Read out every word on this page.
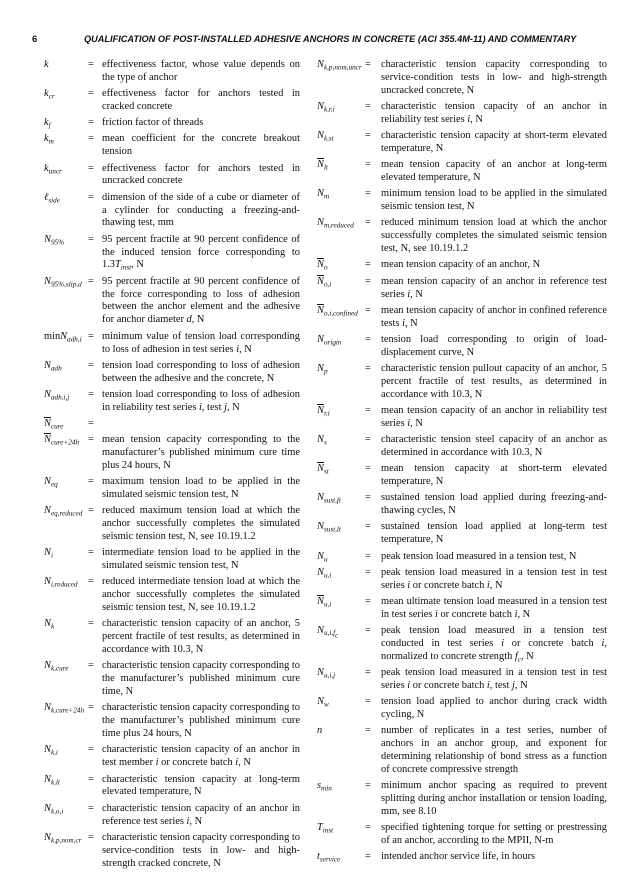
6	QUALIFICATION OF POST-INSTALLED ADHESIVE ANCHORS IN CONCRETE (ACI 355.4M-11) AND COMMENTARY
k	= effectiveness factor, whose value depends on the type of anchor
$k_{cr}$	= effectiveness factor for anchors tested in cracked concrete
$k_f$	= friction factor of threads
$k_m$	= mean coefficient for the concrete breakout tension
$k_{uncr}$	= effectiveness factor for anchors tested in uncracked concrete
ℓ$_{side}$	= dimension of the side of a cube or diameter of a cylinder for conducting a freezing-and-thawing test, mm
$N_{95\%} = 95$ percent fractile at 90 percent confidence of the induced tension force corresponding to $1.3T_{inst}$, N
$N_{95\%,slip,d} = 95$ percent fractile at 90 percent confidence of the force corresponding to loss of adhesion between the anchor element and the adhesive for anchor diameter d, N
minN$_{adh,i}$ = minimum value of tension load corresponding to loss of adhesion in test series i, N
$N_{adh}$	= tension load corresponding to loss of adhesion between the adhesive and the concrete, N
$N_{adh,i,j}$ = tension load corresponding to loss of adhesion in reliability test series i, test j, N
$\overline{N}_{cure}$ =

$\overline{N}_{cure+24h}$ = mean tension capacity corresponding to the manufacturer’s published minimum cure time plus 24 hours, N
$N_{eq}$	= maximum tension load to be applied in the simulated seismic tension test, N
$N_{eq,reduced}$ = reduced maximum tension load at which the anchor successfully completes the simulated seismic tension test, N, see 10.19.1.2
$N_i$	= intermediate tension load to be applied in the simulated seismic tension test, N
$N_{i,reduced}$ = reduced intermediate tension load at which the anchor successfully completes the simulated seismic tension test, N, see 10.19.1.2
$N_k$	= characteristic tension capacity of an anchor, 5 percent fractile of test results, as determined in accordance with 10.3, N
$N_{k,cure}$ = characteristic tension capacity corresponding to the manufacturer’s published minimum cure time, N
$N_{k,cure+24h}$ = characteristic tension capacity corresponding to the manufacturer’s published minimum cure time plus 24 hours, N
$N_{k,i}$	= characteristic tension capacity of an anchor in test member i or concrete batch i, N
$N_{k,lt}$	= characteristic tension capacity at long-term elevated temperature, N
$N_{k,o,i}$ = characteristic tension capacity of an anchor in reference test series i, N
$N_{k,p,nom,cr}$ = characteristic tension capacity corresponding to service-condition tests in low- and high-strength cracked concrete, N
$N_{k,p,nom,uncr}$ = characteristic tension capacity corresponding to service-condition tests in low- and high-strength uncracked concrete, N
$N_{k,r,i}$	= characteristic tension capacity of an anchor in reliability test series i, N
$N_{k,st}$	= characteristic tension capacity at short-term elevated temperature, N
$\overline{N}_{lt}$	= mean tension capacity of an anchor at long-term elevated temperature, N
$N_m$	= minimum tension load to be applied in the simulated seismic tension test, N
$N_{m,reduced}$ = reduced minimum tension load at which the anchor successfully completes the simulated seismic tension test, N, see 10.19.1.2
$\overline{N}_o$	= mean tension capacity of an anchor, N
$\overline{N}_{o,i}$	= mean tension capacity of an anchor in reference test series i, N
$\overline{N}_{o,i,confined}$ = mean tension capacity of anchor in confined reference tests i, N
$N_{origin}$ = tension load corresponding to origin of load-displacement curve, N
$N_p$	= characteristic tension pullout capacity of an anchor, 5 percent fractile of test results, as determined in accordance with 10.3, N
$\overline{N}_{r,i}$	= mean tension capacity of an anchor in reliability test series i, N
$N_s$	= characteristic tension steel capacity of an anchor as determined in accordance with 10.3, N
$\overline{N}_{st}$	= mean tension capacity at short-term elevated temperature, N
$N_{sust,ft}$ = sustained tension load applied during freezing-and-thawing cycles, N
$N_{sust,lt}$ = sustained tension load applied at long-term test temperature, N
$N_u$	= peak tension load measured in a tension test, N
$N_{u,i}$	= peak tension load measured in a tension test in test series i or concrete batch i, N
$\overline{N}_{u,i}$	= mean ultimate tension load measured in a tension test in test series i or concrete batch i, N
$N_{u,i,f_c}$	= peak tension load measured in a tension test conducted in test series i or concrete batch i, normalized to concrete strength $f_c$, N
$N_{u,i,j}$	= peak tension load measured in a tension test in test series i or concrete batch i, test j, N
$N_w$	= tension load applied to anchor during crack width cycling, N
n	= number of replicates in a test series, number of anchors in an anchor group, and exponent for determining relationship of bond stress as a function of concrete compressive strength
$s_{min}$	= minimum anchor spacing as required to prevent splitting during anchor installation or tension loading, mm, see 8.10
$T_{inst}$	= specified tightening torque for setting or prestressing of an anchor, according to the MPII, N-m
$t_{service}$ = intended anchor service life, in hours
